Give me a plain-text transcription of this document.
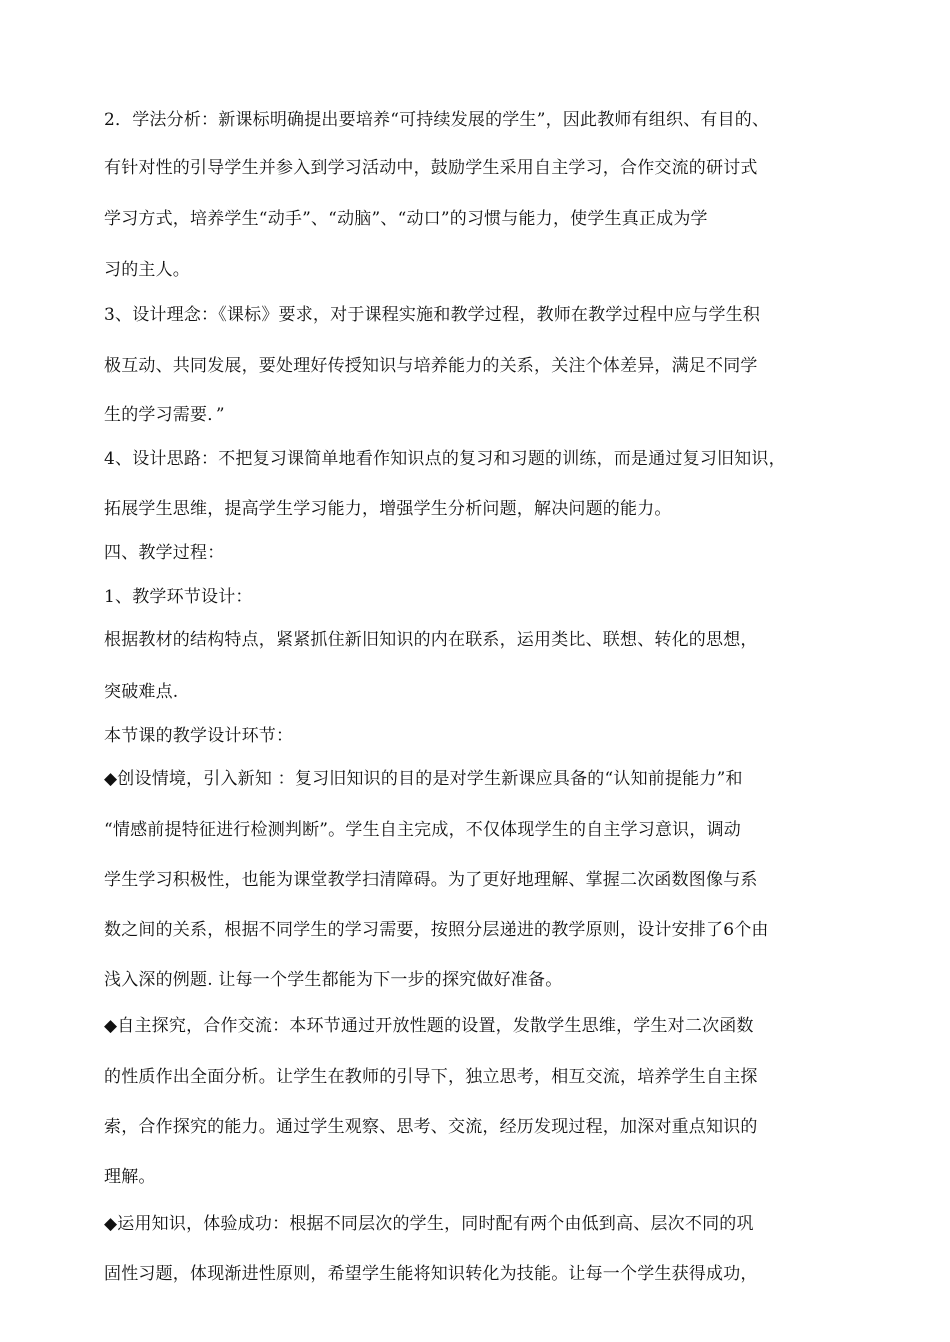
2．学法分析：新课标明确提出要培养“可持续发展的学生”，因此教师有组织、有目的、
有针对性的引导学生并参入到学习活动中，鼓励学生采用自主学习，合作交流的研讨式
学习方式，培养学生“动手”、“动脑”、“动口”的习惯与能力，使学生真正成为学
习的主人。
3、设计理念：《课标》要求，对于课程实施和教学过程，教师在教学过程中应与学生积
极互动、共同发展，要处理好传授知识与培养能力的关系，关注个体差异，满足不同学
生的学习需要．”
4、设计思路：不把复习课简单地看作知识点的复习和习题的训练，而是通过复习旧知识，
拓展学生思维，提高学生学习能力，增强学生分析问题，解决问题的能力。
四、教学过程：
1、教学环节设计：
根据教材的结构特点，紧紧抓住新旧知识的内在联系，运用类比、联想、转化的思想，
突破难点.
本节课的教学设计环节：
◆创设情境，引入新知 ：复习旧知识的目的是对学生新课应具备的“认知前提能力”和
“情感前提特征进行检测判断”。学生自主完成，不仅体现学生的自主学习意识，调动
学生学习积极性，也能为课堂教学扫清障碍。为了更好地理解、掌握二次函数图像与系
数之间的关系，根据不同学生的学习需要，按照分层递进的教学原则，设计安排了6个由
浅入深的例题. 让每一个学生都能为下一步的探究做好准备。
◆自主探究，合作交流：本环节通过开放性题的设置，发散学生思维，学生对二次函数
的性质作出全面分析。让学生在教师的引导下，独立思考，相互交流，培养学生自主探
索，合作探究的能力。通过学生观察、思考、交流，经历发现过程，加深对重点知识的
理解。
◆运用知识，体验成功：根据不同层次的学生，同时配有两个由低到高、层次不同的巩
固性习题，体现渐进性原则，希望学生能将知识转化为技能。让每一个学生获得成功，
